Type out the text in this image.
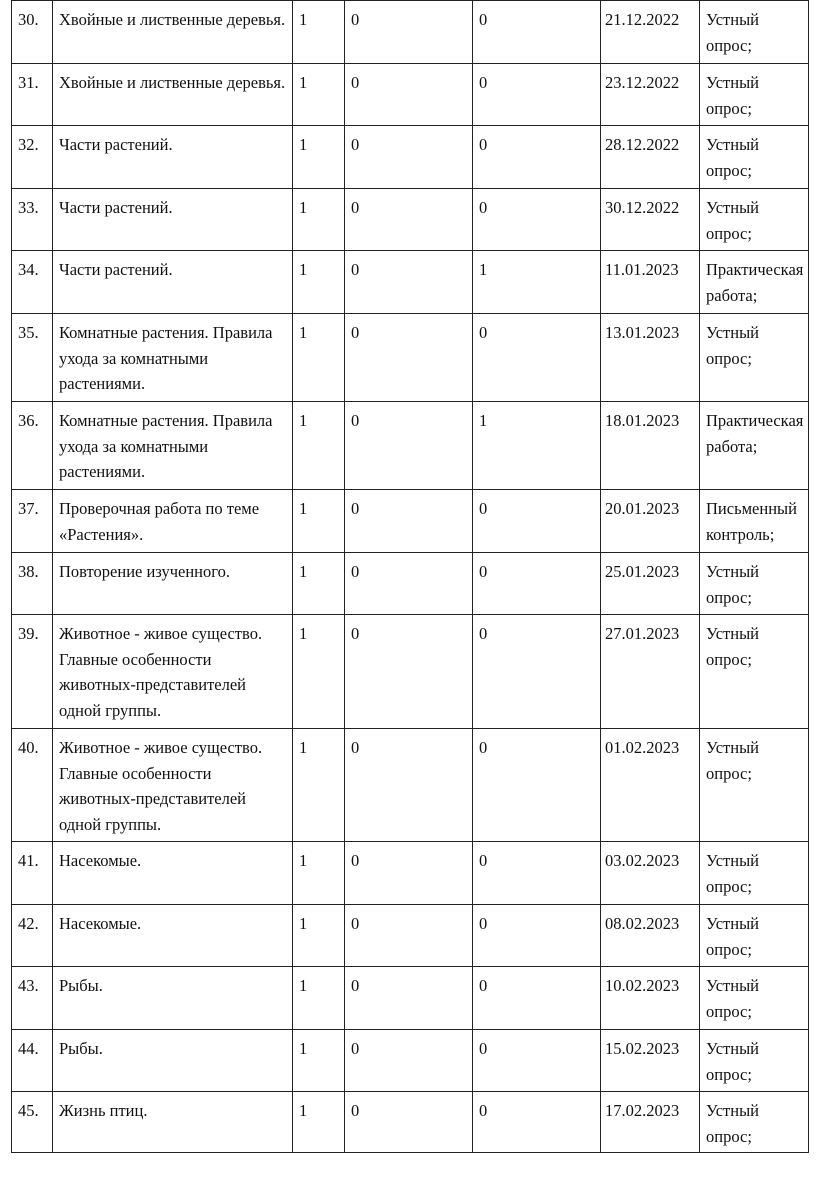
30.	Хвойные и лиственные деревья.	1	0	0	21.12.2022	Устный опрос;
31.	Хвойные и лиственные деревья.	1	0	0	23.12.2022	Устный опрос;
32.	Части растений.	1	0	0	28.12.2022	Устный опрос;
33.	Части растений.	1	0	0	30.12.2022	Устный опрос;
34.	Части растений.	1	0	1	11.01.2023	Практическая работа;
35.	Комнатные растения. Правила ухода за комнатными растениями.	1	0	0	13.01.2023	Устный опрос;
36.	Комнатные растения. Правила ухода за комнатными растениями.	1	0	1	18.01.2023	Практическая работа;
37.	Проверочная работа по теме «Растения».	1	0	0	20.01.2023	Письменный контроль;
38.	Повторение изученного.	1	0	0	25.01.2023	Устный опрос;
39.	Животное - живое существо. Главные особенности животных-представителей одной группы.	1	0	0	27.01.2023	Устный опрос;
40.	Животное - живое существо. Главные особенности животных-представителей одной группы.	1	0	0	01.02.2023	Устный опрос;
41.	Насекомые.	1	0	0	03.02.2023	Устный опрос;
42.	Насекомые.	1	0	0	08.02.2023	Устный опрос;
43.	Рыбы.	1	0	0	10.02.2023	Устный опрос;
44.	Рыбы.	1	0	0	15.02.2023	Устный опрос;
45.	Жизнь птиц.	1	0	0	17.02.2023	Устный опрос;
